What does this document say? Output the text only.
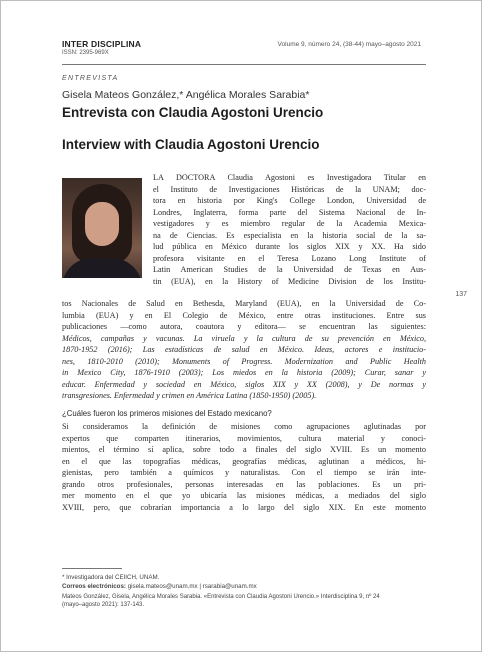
INTER DISCIPLINA
ISSN: 2395-969X
Volume 9, número 24, (38-44) mayo–agosto 2021
ENTREVISTA
Gisela Mateos González,* Angélica Morales Sarabia*
Entrevista con Claudia Agostoni Urencio
Interview with Claudia Agostoni Urencio
LA DOCTORA Claudia Agostoni es Investigadora Titular en
el Instituto de Investigaciones Históricas de la UNAM; doc-
tora en historia por King's College London, Universidad de
Londres, Inglaterra, forma parte del Sistema Nacional de In-
vestigadores y es miembro regular de la Academia Mexica-
na de Ciencias. Es especialista en la historia social de la sa-
lud pública en México durante los siglos XIX y XX. Ha sido
profesora visitante en el Teresa Lozano Long Institute of
Latin American Studies de la Universidad de Texas en Aus-
tin (EUA), en la History of Medicine Division de los Institu-
tos Nacionales de Salud en Bethesda, Maryland (EUA), en la Universidad de Co-
lumbia (EUA) y en El Colegio de México, entre otras instituciones. Entre sus
publicaciones —como autora, coautora y editora— se encuentran las siguientes:
Médicos, campañas y vacunas. La viruela y la cultura de su prevención en México,
1870-1952 (2016); Las estadísticas de salud en México. Ideas, actores e institucio-
nes, 1810-2010 (2010); Monuments of Progress. Modernization and Public Health
in Mexico City, 1876-1910 (2003); Los miedos en la historia (2009); Curar, sanar y
educar. Enfermedad y sociedad en México, siglos XIX y XX (2008), y De normas y
transgresiones. Enfermedad y crimen en América Latina (1850-1950) (2005).
137
¿Cuáles fueron los primeros misiones del Estado mexicano?
Si consideramos la definición de misiones como agrupaciones aglutinadas por
expertos que comparten itinerarios, movimientos, cultura material y conoci-
mientos, el término sí aplica, sobre todo a finales del siglo XVIII. Es un momento
en el que las topografías médicas, geografías médicas, aglutinan a médicos, hi-
gienistas, pero también a químicos y naturalistas. Con el tiempo se irán inte-
grando otros profesionales, personas interesadas en las poblaciones. Es un pri-
mer momento en el que yo ubicaría las misiones médicas, a mediados del siglo
XVIII, pero, que cobrarían importancia a lo largo del siglo XIX. En este momento
* Investigadora del CEIICH, UNAM.
Correos electrónicos: gisela.mateos@unam.mx | rsarabia@unam.mx
Mateos González, Gisela, Angélica Morales Sarabia. «Entrevista con Claudia Agostoni Urencio.» Interdisciplina 9, nº 24
(mayo–agosto 2021): 137-143.
